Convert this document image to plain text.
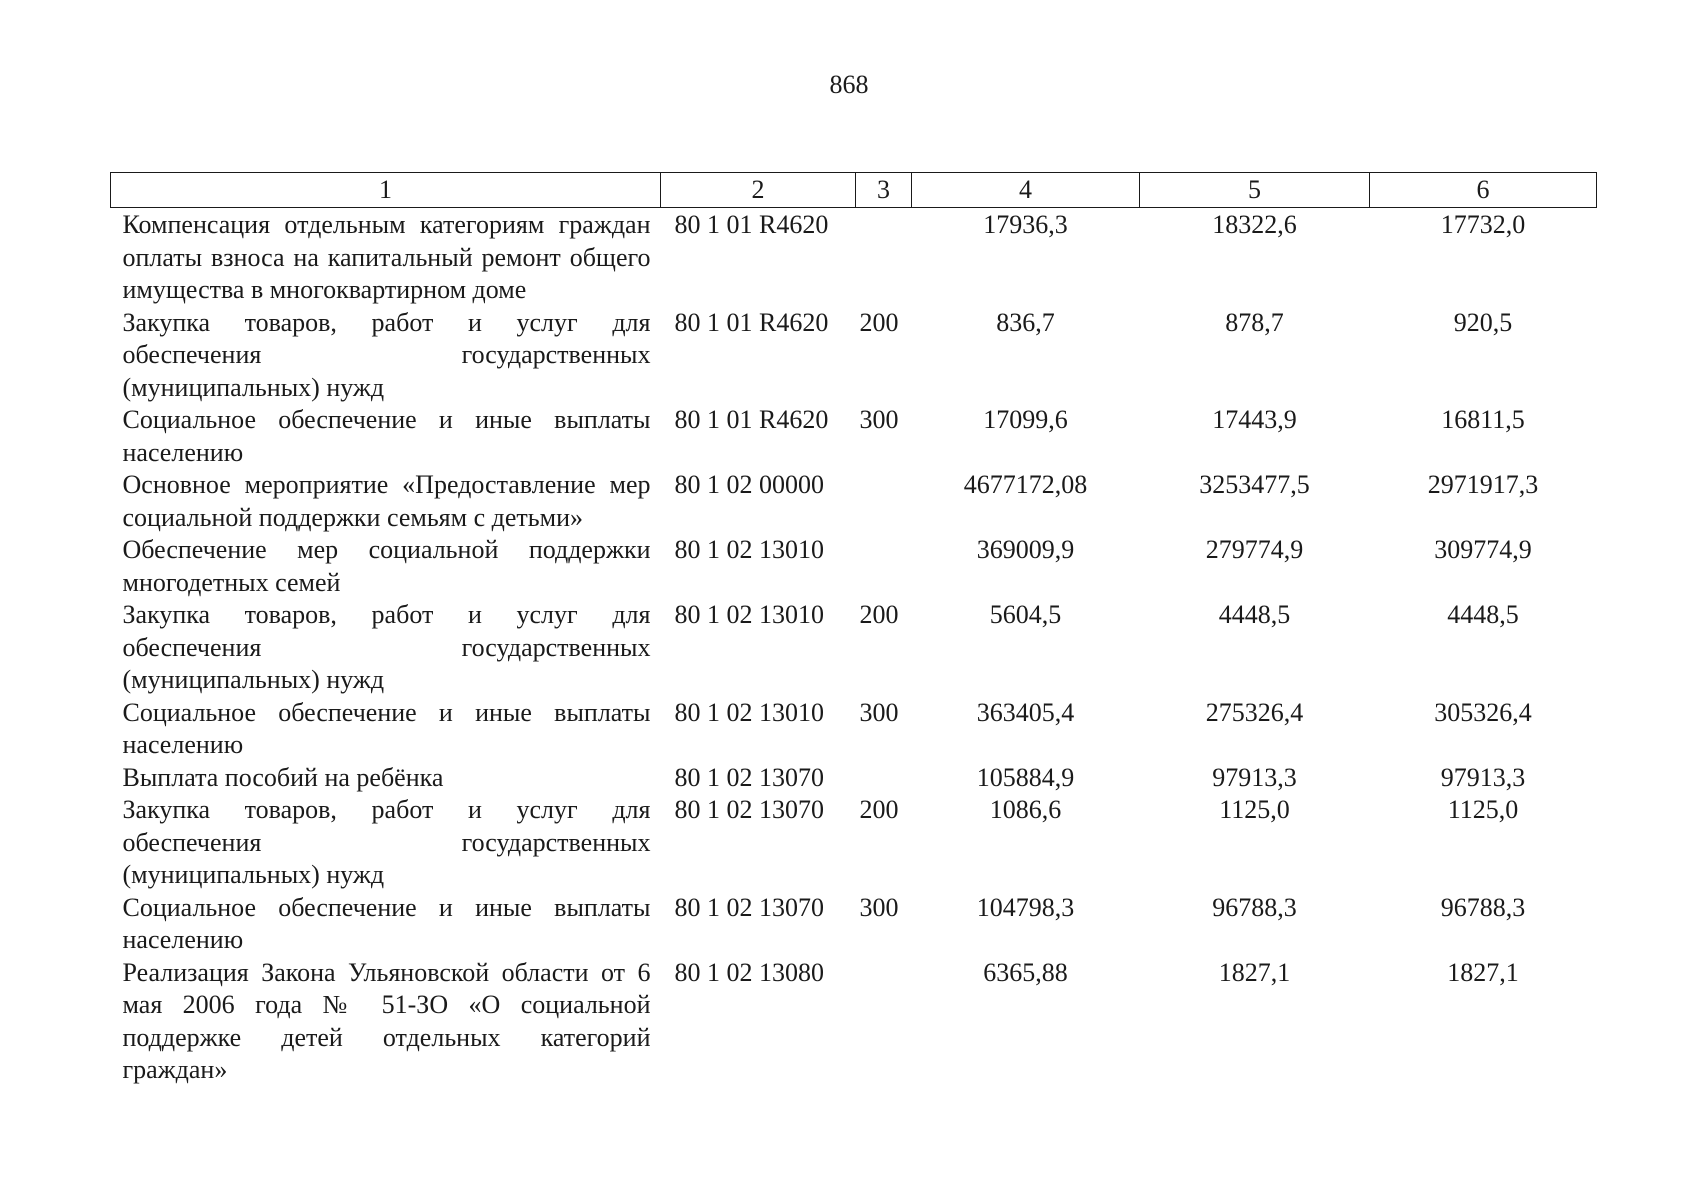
868
1	2	3	4	5	6
Компенсация отдельным категориям граждан оплаты взноса на капитальный ремонт общего имущества в многоквартирном доме	80 1 01 R4620		17936,3	18322,6	17732,0
Закупка товаров, работ и услуг для обеспечения государственных (муниципальных) нужд	80 1 01 R4620	200	836,7	878,7	920,5
Социальное обеспечение и иные выплаты населению	80 1 01 R4620	300	17099,6	17443,9	16811,5
Основное мероприятие «Предоставление мер социальной поддержки семьям с детьми»	80 1 02 00000		4677172,08	3253477,5	2971917,3
Обеспечение мер социальной поддержки многодетных семей	80 1 02 13010		369009,9	279774,9	309774,9
Закупка товаров, работ и услуг для обеспечения государственных (муниципальных) нужд	80 1 02 13010	200	5604,5	4448,5	4448,5
Социальное обеспечение и иные выплаты населению	80 1 02 13010	300	363405,4	275326,4	305326,4
Выплата пособий на ребёнка	80 1 02 13070		105884,9	97913,3	97913,3
Закупка товаров, работ и услуг для обеспечения государственных (муниципальных) нужд	80 1 02 13070	200	1086,6	1125,0	1125,0
Социальное обеспечение и иные выплаты населению	80 1 02 13070	300	104798,3	96788,3	96788,3
Реализация Закона Ульяновской области от 6 мая 2006 года № 51-ЗО «О социальной поддержке детей отдельных категорий граждан»	80 1 02 13080		6365,88	1827,1	1827,1
